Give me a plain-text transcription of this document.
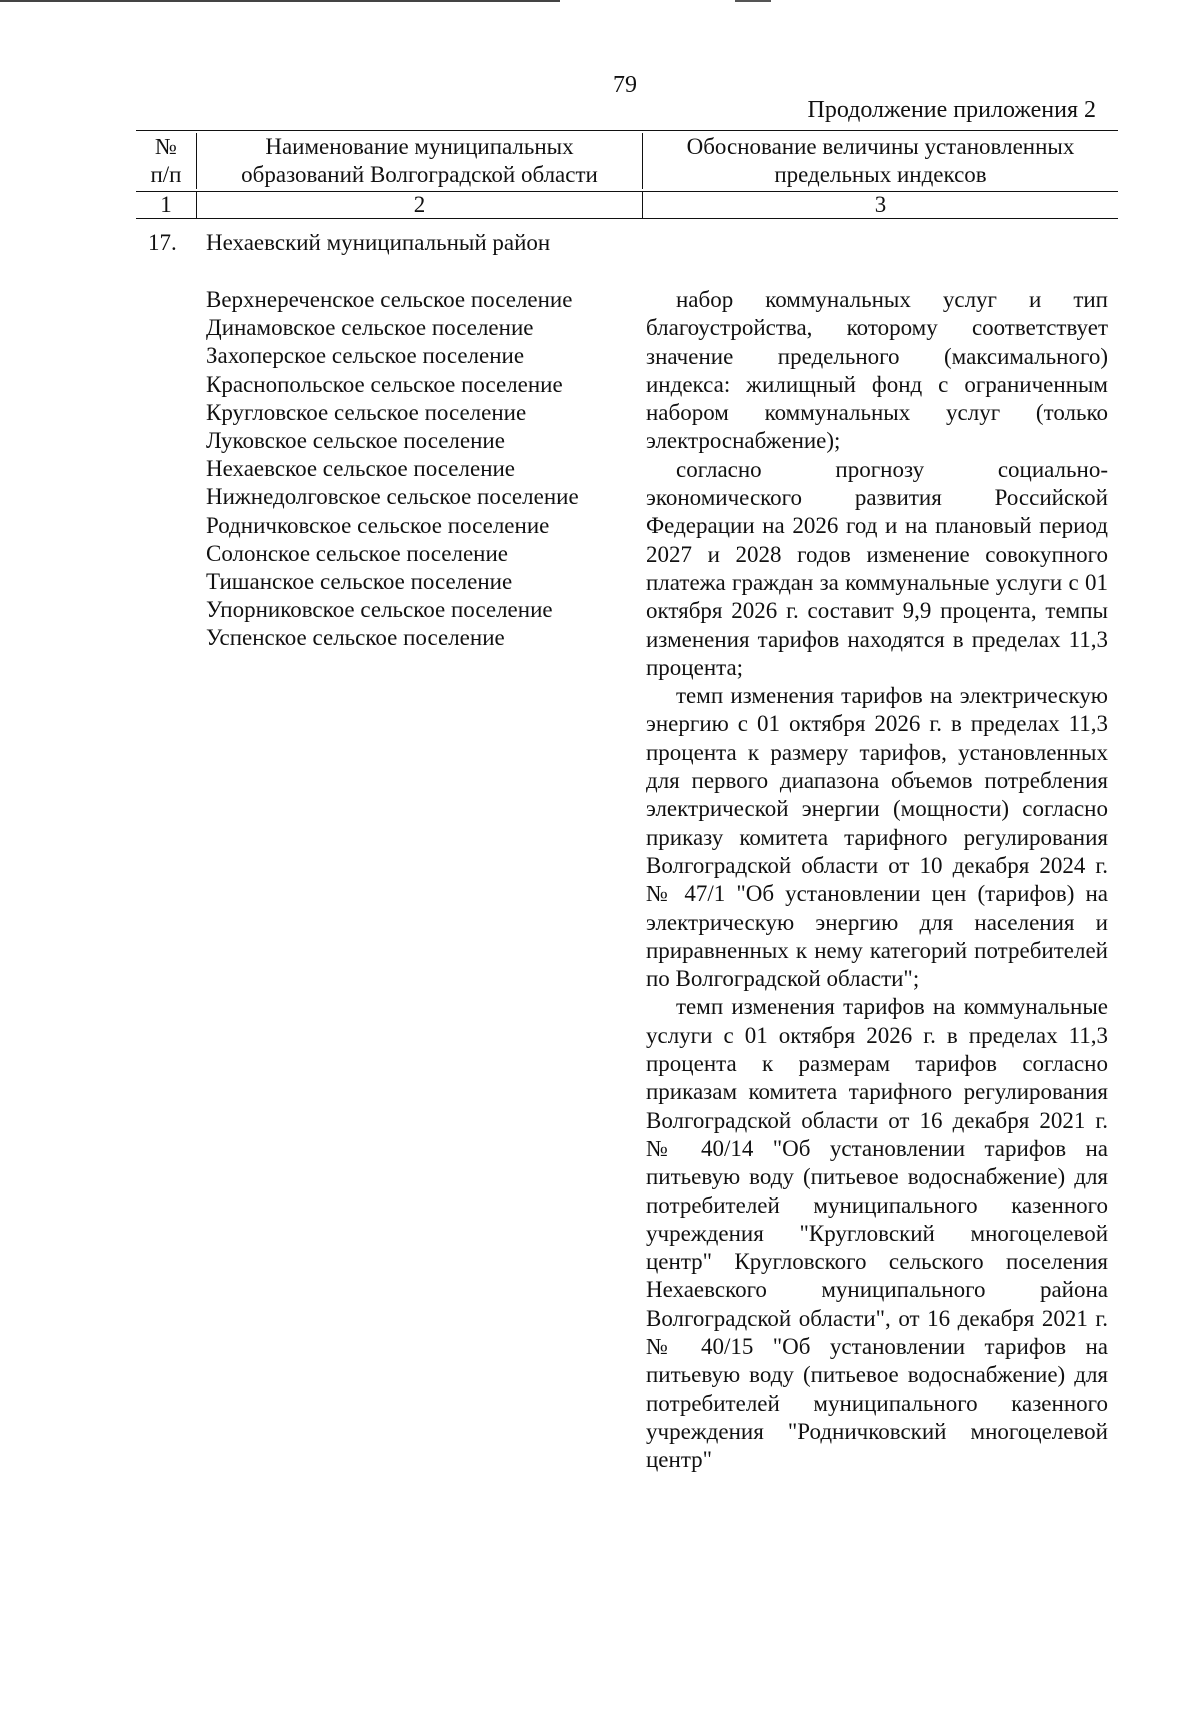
79
Продолжение приложения 2
№
п/п
Наименование муниципальных
образований Волгоградской области
Обоснование величины установленных
предельных индексов
1	2	3
17. Нехаевский муниципальный район
Верхнереченское сельское поселение
Динамовское сельское поселение
Захоперское сельское поселение
Краснопольское сельское поселение
Кругловское сельское поселение
Луковское сельское поселение
Нехаевское сельское поселение
Нижнедолговское сельское поселение
Родничковское сельское поселение
Солонское сельское поселение
Тишанское сельское поселение
Упорниковское сельское поселение
Успенское сельское поселение

набор коммунальных услуг и тип благоустройства, которому соответствует значение предельного (максимального) индекса: жилищный фонд с ограниченным набором коммунальных услуг (только электроснабжение);

согласно прогнозу социально-экономического развития Российской Федерации на 2026 год и на плановый период 2027 и 2028 годов изменение совокупного платежа граждан за коммунальные услуги с 01 октября 2026 г. составит 9,9 процента, темпы изменения тарифов находятся в пределах 11,3 процента;

темп изменения тарифов на электрическую энергию с 01 октября 2026 г. в пределах 11,3 процента к размеру тарифов, установленных для первого диапазона объемов потребления электрической энергии (мощности) согласно приказу комитета тарифного регулирования Волгоградской области от 10 декабря 2024 г. № 47/1 "Об установлении цен (тарифов) на электрическую энергию для населения и приравненных к нему категорий потребителей по Волгоградской области";

темп изменения тарифов на коммунальные услуги с 01 октября 2026 г. в пределах 11,3 процента к размерам тарифов согласно приказам комитета тарифного регулирования Волгоградской области от 16 декабря 2021 г. № 40/14 "Об установлении тарифов на питьевую воду (питьевое водоснабжение) для потребителей муниципального казенного учреждения "Кругловский многоцелевой центр" Кругловского сельского поселения Нехаевского муниципального района Волгоградской области", от 16 декабря 2021 г. № 40/15 "Об установлении тарифов на питьевую воду (питьевое водоснабжение) для потребителей муниципального казенного учреждения "Родничковский многоцелевой центр"
